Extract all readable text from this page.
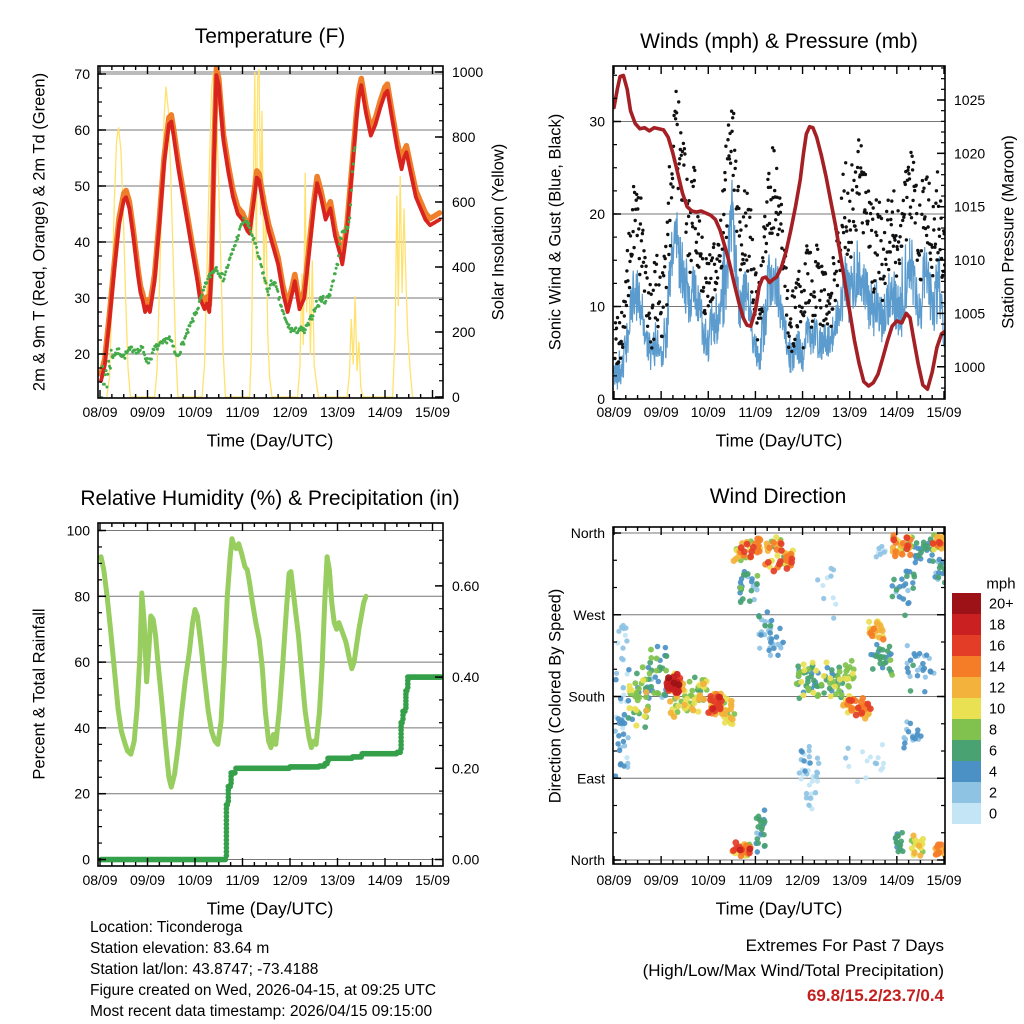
08/09 09/09 10/09 11/09 12/09 13/09 14/09 15/09
20
30
40
50
60
70
0
200
400
600
800
1000
08/09 09/09 10/09 11/09 12/09 13/09 14/09 15/09
0
10
20
30
1000
1005
1010
1015
1020
1025
08/09 09/09 10/09 11/09 12/09 13/09 14/09 15/09
0
20
40
60
80
100
0.00
0.20
0.40
0.60
08/09 09/09 10/09 11/09 12/09 13/09 14/09 15/09
North
West
South
East
North
20+
18
16
14
12
10
8
6
4
2
0
Temperature (F)	Winds (mph) & Pressure (mb)
Relative Humidity (%) & Precipitation (in)	Wind Direction
Time (Day/UTC)	Time (Day/UTC)
Time (Day/UTC)	Time (Day/UTC)
2m & 9m T (Red, Orange) & 2m Td (Green)	Solar Insolation (Yellow) Sonic Wind & Gust (Blue, Black)	Station Pressure (Maroon)
Percent & Total Rainfall	Direction (Colored By Speed)
mph
Location: Ticonderoga
Station elevation: 83.64 m
Station lat/lon: 43.8747; -73.4188
Figure created on Wed, 2026-04-15, at 09:25 UTC
Most recent data timestamp: 2026/04/15 09:15:00
Extremes For Past 7 Days
(High/Low/Max Wind/Total Precipitation)
69.8/15.2/23.7/0.4
